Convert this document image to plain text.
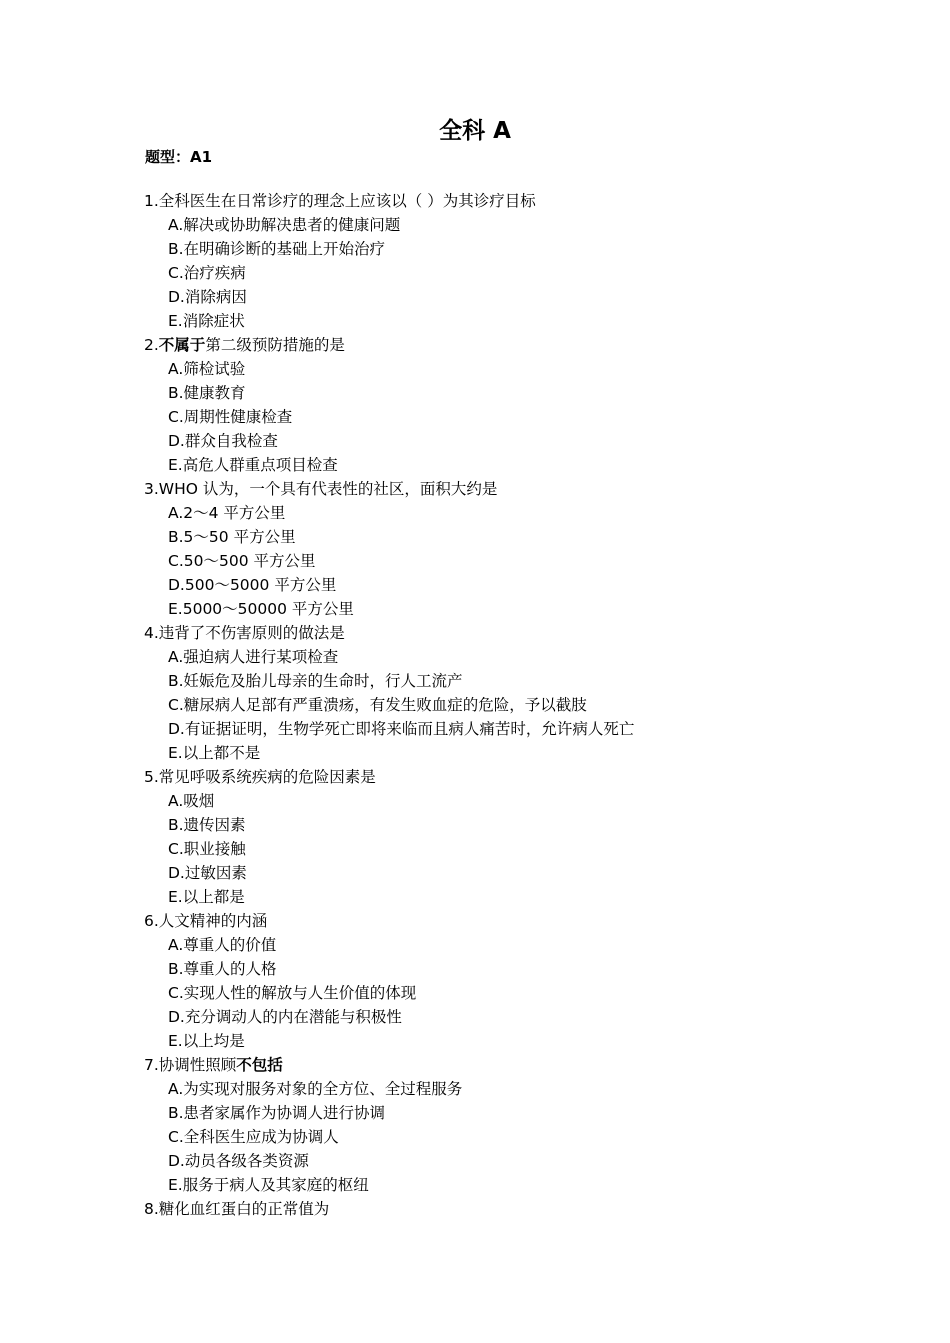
全科 A
题型：A1
1.全科医生在日常诊疗的理念上应该以（ ）为其诊疗目标
A.解决或协助解决患者的健康问题
B.在明确诊断的基础上开始治疗
C.治疗疾病
D.消除病因
E.消除症状
2.不属于第二级预防措施的是
A.筛检试验
B.健康教育
C.周期性健康检查
D.群众自我检查
E.高危人群重点项目检查
3.WHO 认为，一个具有代表性的社区，面积大约是
A.2～4 平方公里
B.5～50 平方公里
C.50～500 平方公里
D.500～5000 平方公里
E.5000～50000 平方公里
4.违背了不伤害原则的做法是
A.强迫病人进行某项检查
B.妊娠危及胎儿母亲的生命时，行人工流产
C.糖尿病人足部有严重溃疡，有发生败血症的危险，予以截肢
D.有证据证明，生物学死亡即将来临而且病人痛苦时，允许病人死亡
E.以上都不是
5.常见呼吸系统疾病的危险因素是
A.吸烟
B.遗传因素
C.职业接触
D.过敏因素
E.以上都是
6.人文精神的内涵
A.尊重人的价值
B.尊重人的人格
C.实现人性的解放与人生价值的体现
D.充分调动人的内在潜能与积极性
E.以上均是
7.协调性照顾不包括
A.为实现对服务对象的全方位、全过程服务
B.患者家属作为协调人进行协调
C.全科医生应成为协调人
D.动员各级各类资源
E.服务于病人及其家庭的枢纽
8.糖化血红蛋白的正常值为
